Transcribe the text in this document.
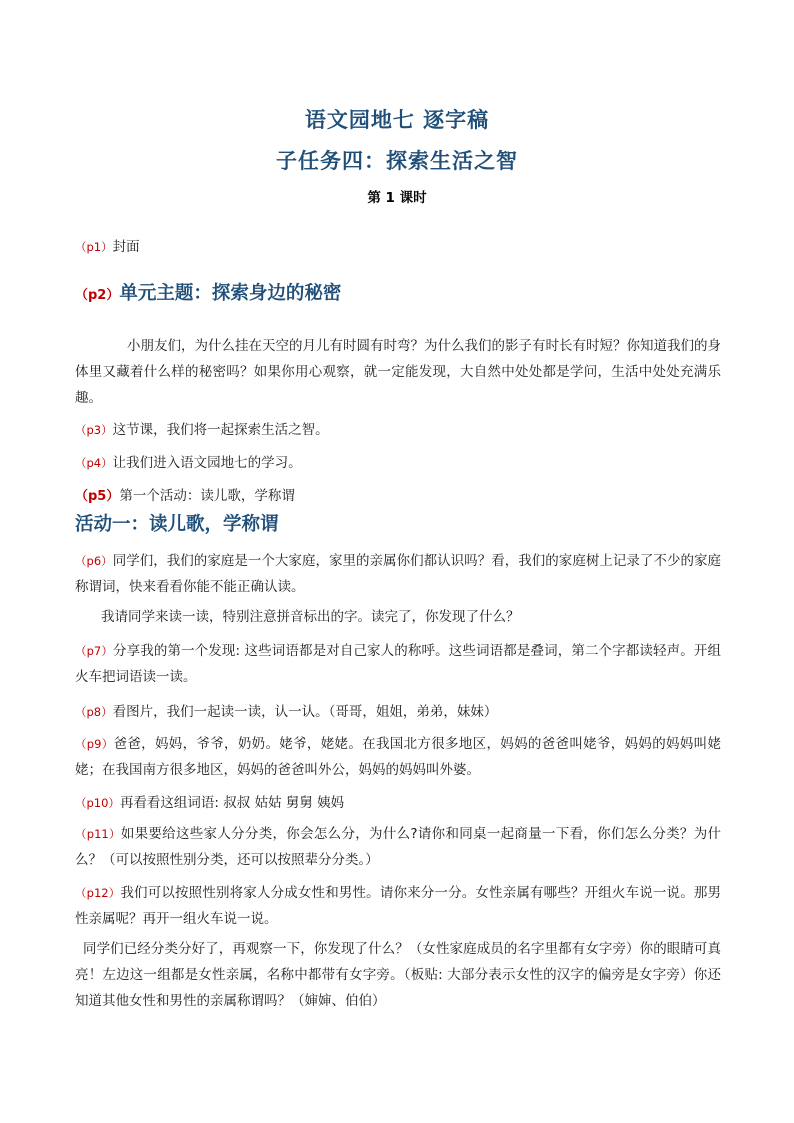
语文园地七 逐字稿
子任务四：探索生活之智
第 1 课时

（p1）封面

（p2）单元主题：探索身边的秘密

小朋友们，为什么挂在天空的月儿有时圆有时弯？为什么我们的影子有时长有时短？你知道我们的身体里又藏着什么样的秘密吗？如果你用心观察，就一定能发现，大自然中处处都是学问，生活中处处充满乐趣。

（p3）这节课，我们将一起探索生活之智。

（p4）让我们进入语文园地七的学习。

（p5）第一个活动：读儿歌，学称谓

活动一：读儿歌，学称谓

（p6）同学们，我们的家庭是一个大家庭，家里的亲属你们都认识吗？看，我们的家庭树上记录了不少的家庭称谓词，快来看看你能不能正确认读。

我请同学来读一读，特别注意拼音标出的字。读完了，你发现了什么？

（p7）分享我的第一个发现: 这些词语都是对自己家人的称呼。这些词语都是叠词，第二个字都读轻声。开组火车把词语读一读。

（p8）看图片，我们一起读一读，认一认。（哥哥，姐姐，弟弟，妹妹）

（p9）爸爸，妈妈，爷爷，奶奶。姥爷，姥姥。在我国北方很多地区，妈妈的爸爸叫姥爷，妈妈的妈妈叫姥姥；在我国南方很多地区，妈妈的爸爸叫外公，妈妈的妈妈叫外婆。

（p10）再看看这组词语: 叔叔 姑姑 舅舅 姨妈

（p11）如果要给这些家人分分类，你会怎么分，为什么?请你和同桌一起商量一下看，你们怎么分类？为什么？（可以按照性别分类，还可以按照辈分分类。）

（p12）我们可以按照性别将家人分成女性和男性。请你来分一分。女性亲属有哪些？开组火车说一说。那男性亲属呢？再开一组火车说一说。

同学们已经分类分好了，再观察一下，你发现了什么？（女性家庭成员的名字里都有女字旁）你的眼睛可真亮！左边这一组都是女性亲属，名称中都带有女字旁。（板贴: 大部分表示女性的汉字的偏旁是女字旁）你还知道其他女性和男性的亲属称谓吗？（婶婶、伯伯）
